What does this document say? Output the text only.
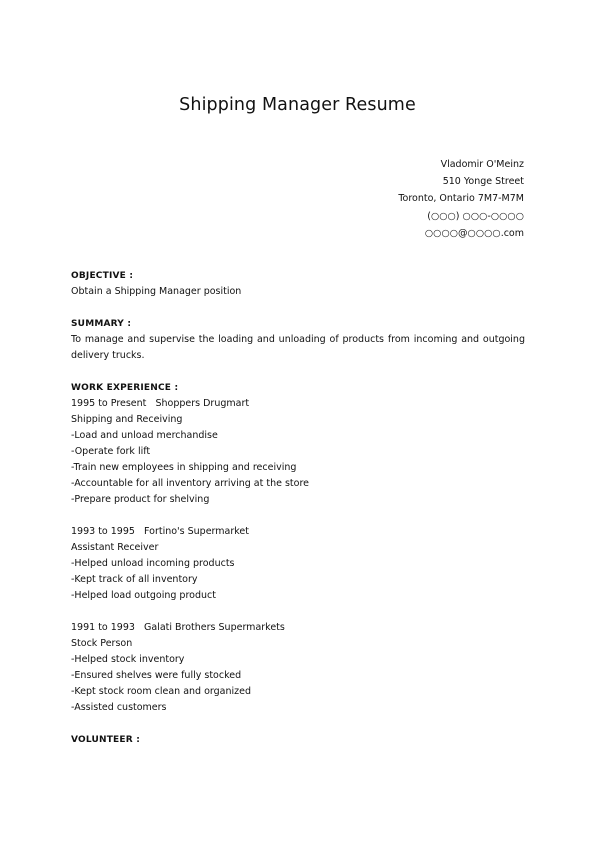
Shipping Manager Resume
Vladomir O'Meinz
510 Yonge Street
Toronto, Ontario 7M7-M7M
(○○○) ○○○-○○○○
○○○○@○○○○.com
OBJECTIVE :
Obtain a Shipping Manager position
SUMMARY :
To manage and supervise the loading and unloading of products from incoming and outgoing delivery trucks.
WORK EXPERIENCE :
1995 to Present Shoppers Drugmart
Shipping and Receiving
-Load and unload merchandise
-Operate fork lift
-Train new employees in shipping and receiving
-Accountable for all inventory arriving at the store
-Prepare product for shelving
1993 to 1995 Fortino's Supermarket
Assistant Receiver
-Helped unload incoming products
-Kept track of all inventory
-Helped load outgoing product
1991 to 1993 Galati Brothers Supermarkets
Stock Person
-Helped stock inventory
-Ensured shelves were fully stocked
-Kept stock room clean and organized
-Assisted customers
VOLUNTEER :
